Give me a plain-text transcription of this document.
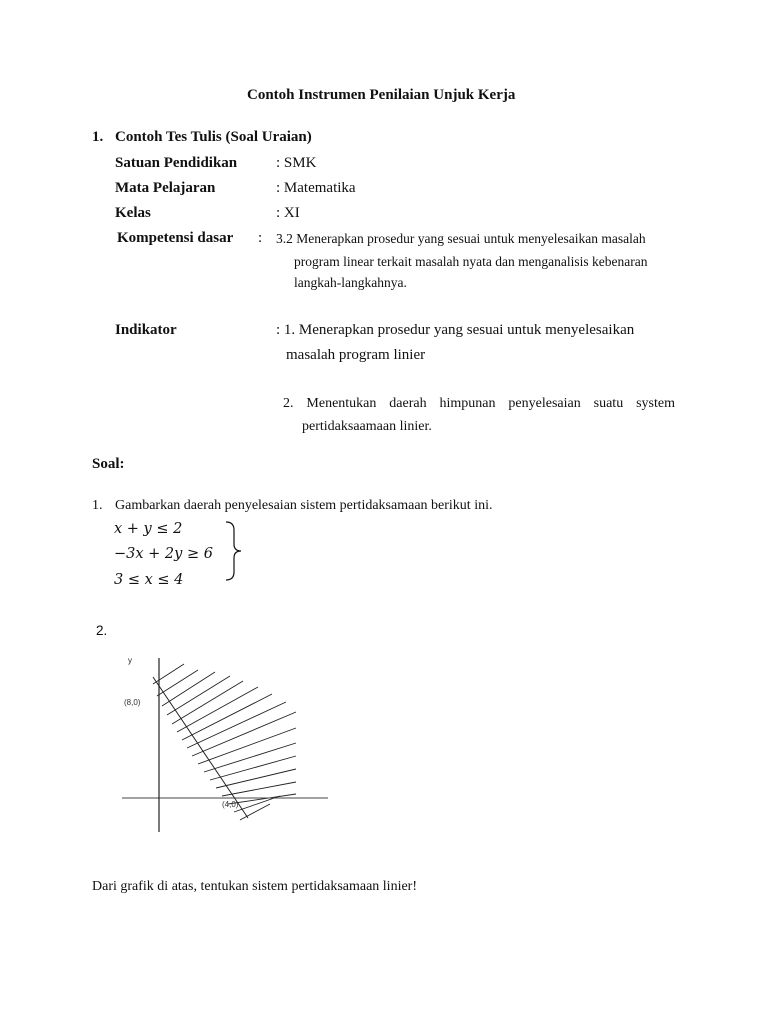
Contoh Instrumen Penilaian Unjuk Kerja
1. Contoh Tes Tulis (Soal Uraian)
Satuan Pendidikan	: SMK
Mata Pelajaran	: Matematika
Kelas	: XI
Kompetensi dasar : 3.2 Menerapkan prosedur yang sesuai untuk menyelesaikan masalah
program linear terkait masalah nyata dan menganalisis kebenaran
langkah-langkahnya.
Indikator	: 1. Menerapkan prosedur yang sesuai untuk menyelesaikan
masalah program linier
2. Menentukan daerah himpunan penyelesaian suatu system
pertidaksaamaan linier.
Soal:
1. Gambarkan daerah penyelesaian sistem pertidaksamaan berikut ini.
x + y ≤ 2
−3x + 2y ≥ 6
3 ≤ x ≤ 4
2.
y
(8,0)
(4,0)
Dari grafik di atas, tentukan sistem pertidaksamaan linier!
